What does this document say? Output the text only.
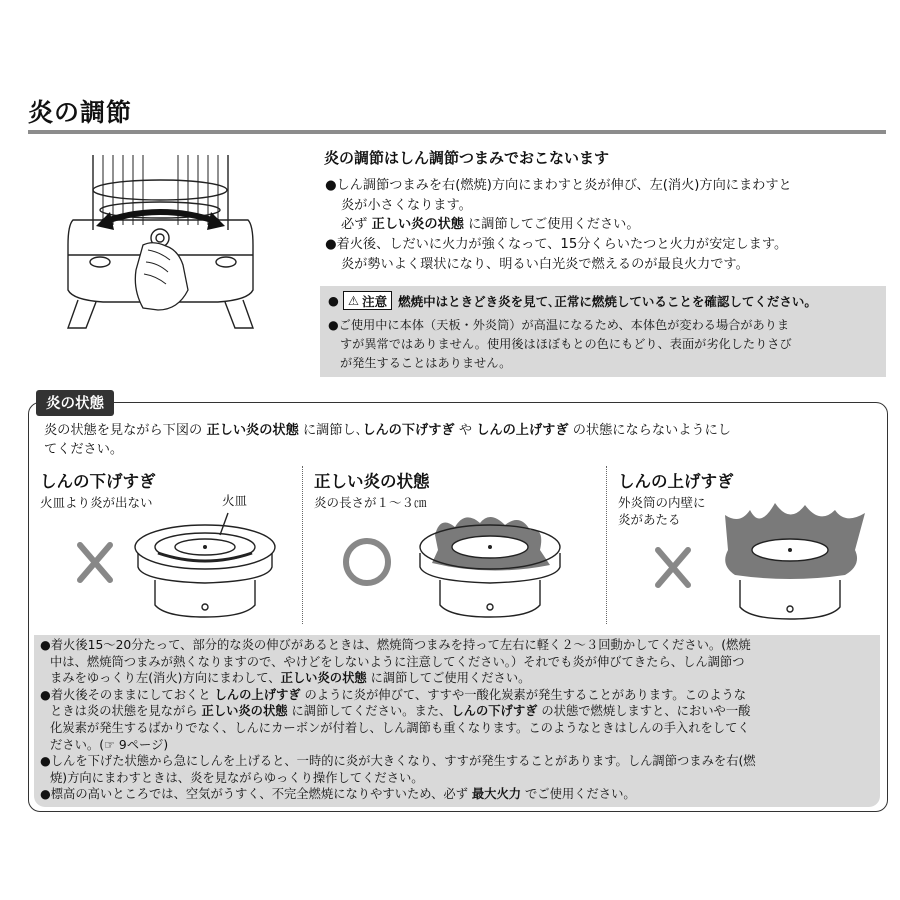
炎の調節
炎の調節はしん調節つまみでおこないます
●しん調節つまみを右(燃焼)方向にまわすと炎が伸び、左(消火)方向にまわすと

炎が小さくなります。
必ず 正しい炎の状態 に調節してご使用ください。
●着火後、しだいに火力が強くなって、15分くらいたつと火力が安定します。

炎が勢いよく環状になり、明るい白光炎で燃えるのが最良火力です。
● ⚠ 注意 燃焼中はときどき炎を見て､正常に燃焼していることを確認してください。
●ご使用中に本体（天板・外炎筒）が高温になるため、本体色が変わる場合がありま

すが異常ではありません。使用後はほぼもとの色にもどり、表面が劣化したりさび
が発生することはありません。
炎の状態
炎の状態を見ながら下図の 正しい炎の状態 に調節し､しんの下げすぎ や しんの上げすぎ の状態にならないようにし
てください。
しんの下げすぎ
火皿より炎が出ない	火皿
正しい炎の状態
炎の長さが１～３㎝
しんの上げすぎ
外炎筒の内壁に
炎があたる
●着火後15～20分たって、部分的な炎の伸びがあるときは、燃焼筒つまみを持って左右に軽く２～３回動かしてください。(燃焼
中は、燃焼筒つまみが熱くなりますので、やけどをしないように注意してください。）それでも炎が伸びてきたら、しん調節つ
まみをゆっくり左(消火)方向にまわして、正しい炎の状態 に調節してご使用ください。
●着火後そのままにしておくと しんの上げすぎ のように炎が伸びて、すすや一酸化炭素が発生することがあります。このような
ときは炎の状態を見ながら 正しい炎の状態 に調節してください。また、しんの下げすぎ の状態で燃焼しますと、においや一酸
化炭素が発生するばかりでなく、しんにカーボンが付着し、しん調節も重くなります。このようなときはしんの手入れをしてく
ださい。(☞ 9ページ)
●しんを下げた状態から急にしんを上げると、一時的に炎が大きくなり、すすが発生することがあります。しん調節つまみを右(燃
焼)方向にまわすときは、炎を見ながらゆっくり操作してください。
●標高の高いところでは、空気がうすく、不完全燃焼になりやすいため、必ず 最大火力 でご使用ください。
